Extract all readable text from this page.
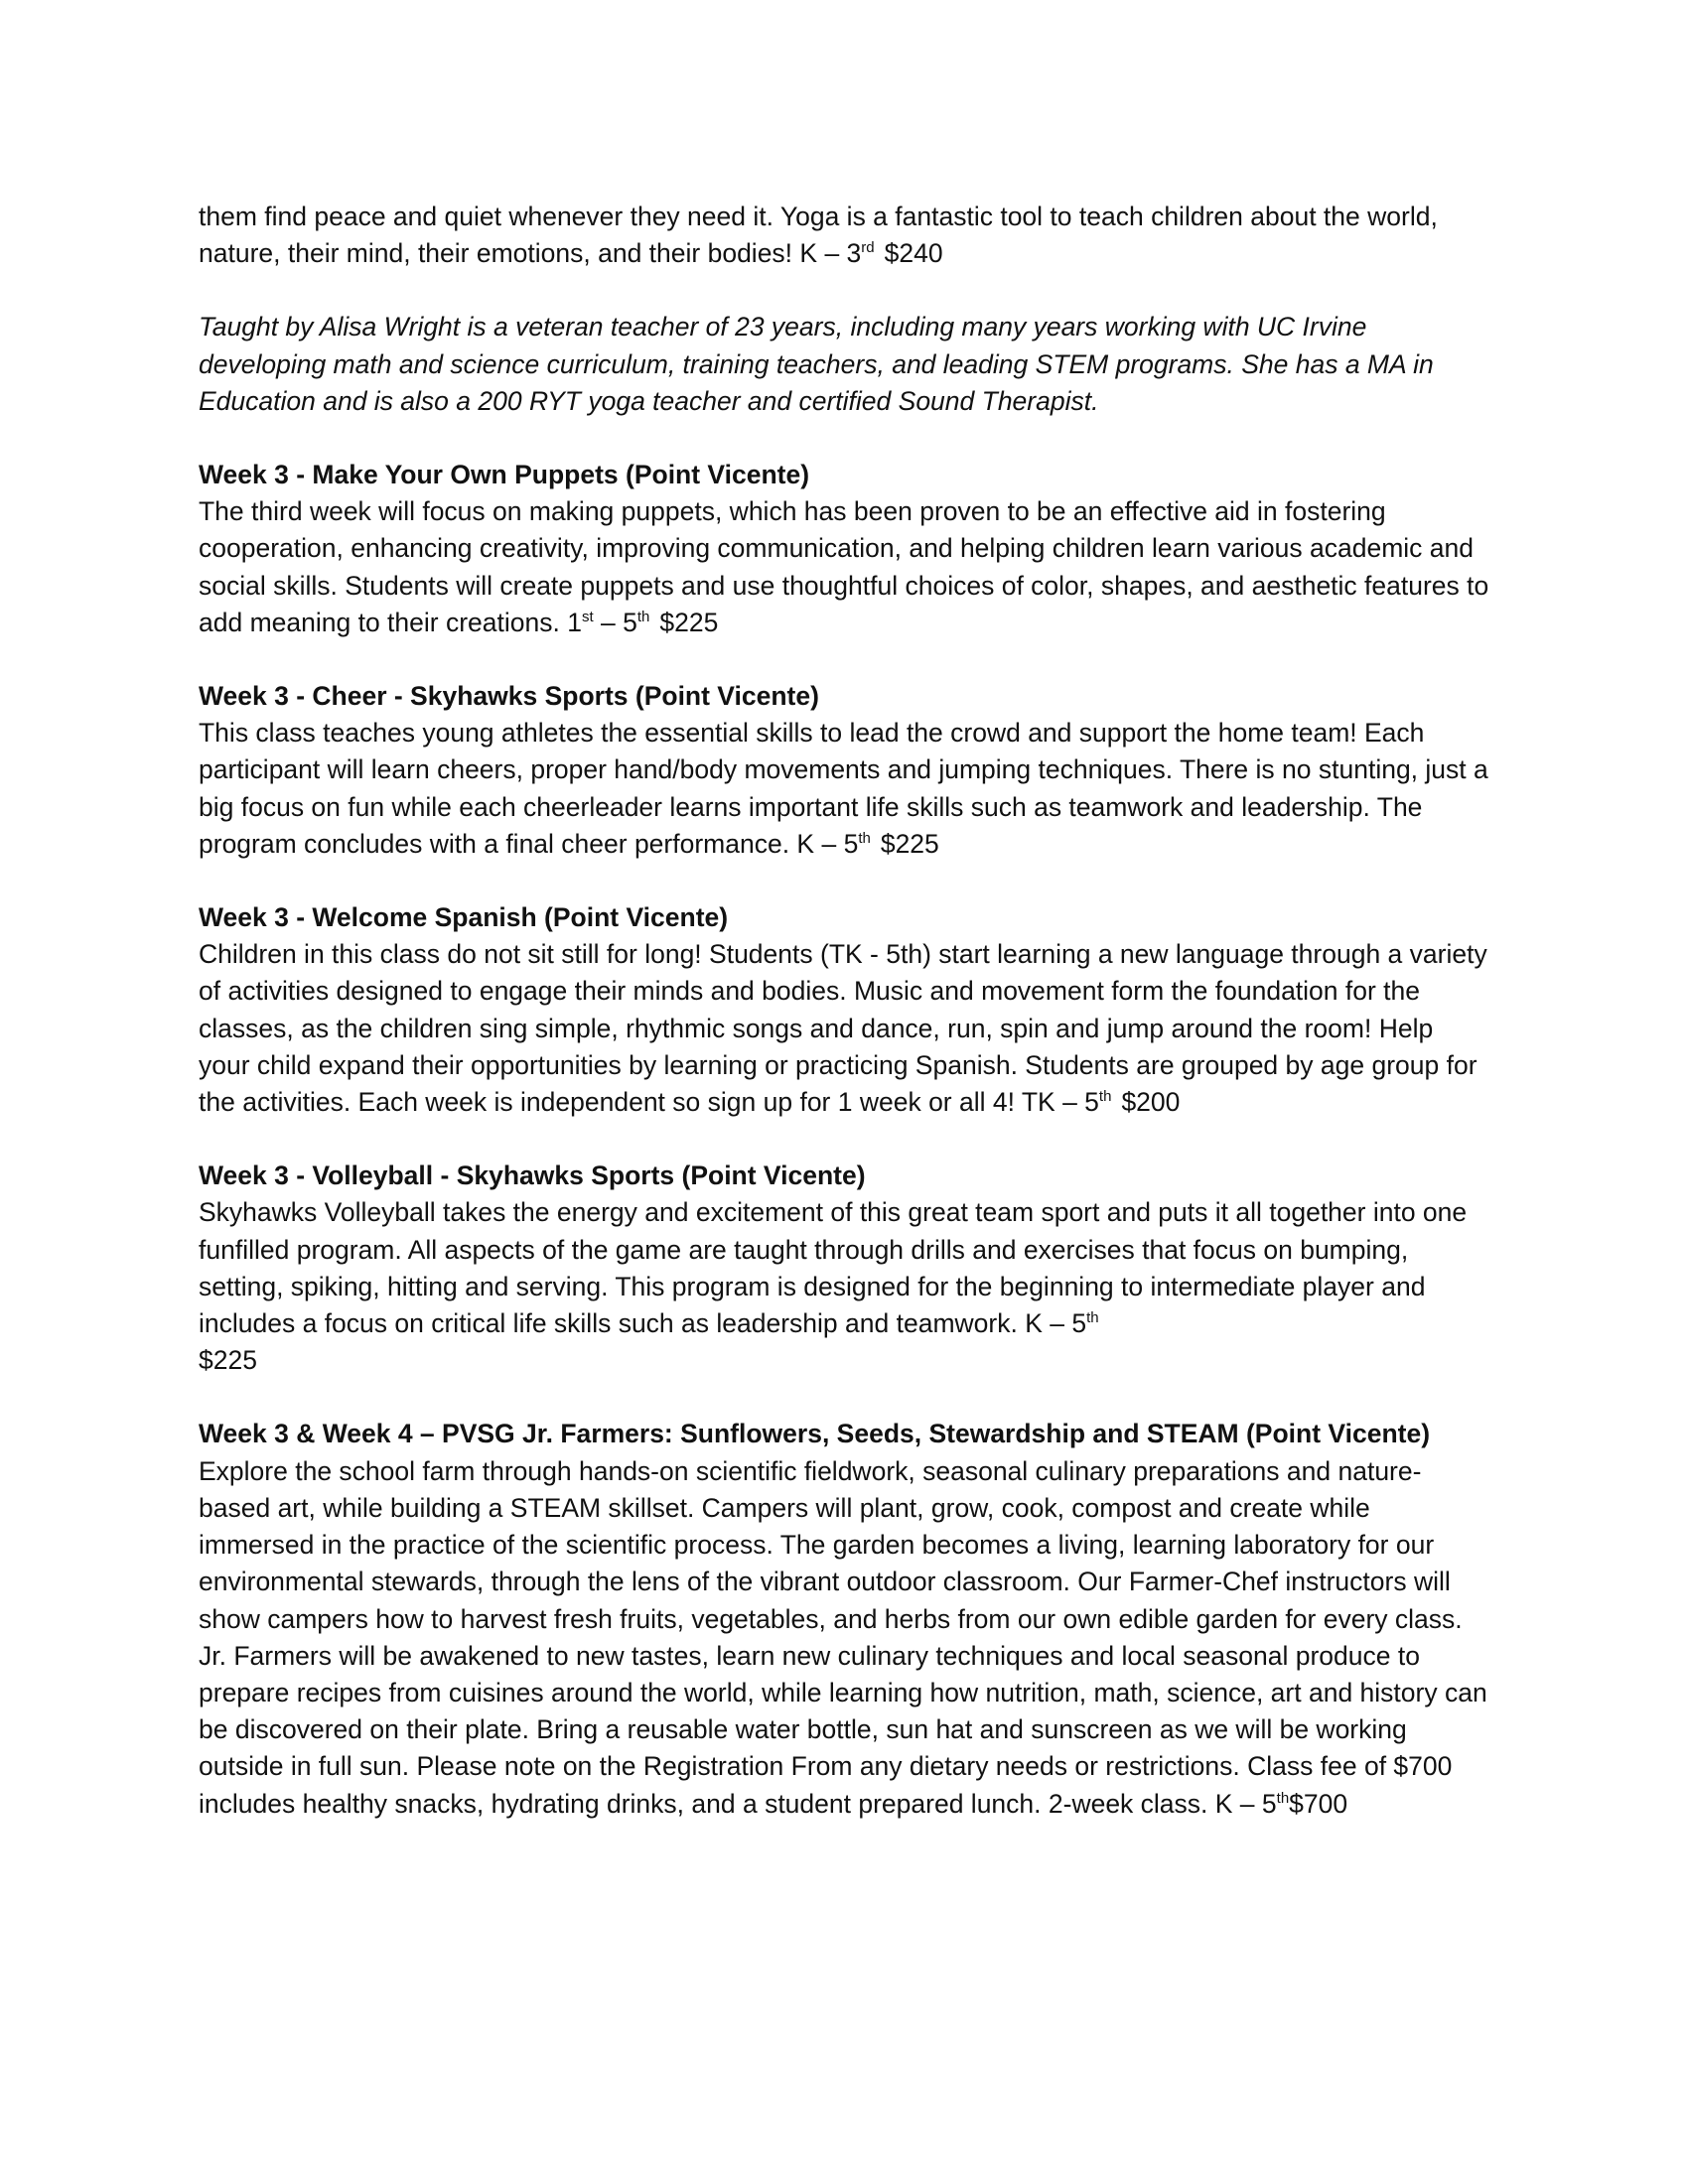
them find peace and quiet whenever they need it. Yoga is a fantastic tool to teach children about the world, nature, their mind, their emotions, and their bodies! K – 3rd $240

Taught by Alisa Wright is a veteran teacher of 23 years, including many years working with UC Irvine developing math and science curriculum, training teachers, and leading STEM programs. She has a MA in Education and is also a 200 RYT yoga teacher and certified Sound Therapist.

Week 3 - Make Your Own Puppets (Point Vicente)
The third week will focus on making puppets, which has been proven to be an effective aid in fostering cooperation, enhancing creativity, improving communication, and helping children learn various academic and social skills. Students will create puppets and use thoughtful choices of color, shapes, and aesthetic features to add meaning to their creations. 1st – 5th $225

Week 3 - Cheer - Skyhawks Sports (Point Vicente)
This class teaches young athletes the essential skills to lead the crowd and support the home team! Each participant will learn cheers, proper hand/body movements and jumping techniques. There is no stunting, just a big focus on fun while each cheerleader learns important life skills such as teamwork and leadership. The program concludes with a final cheer performance. K – 5th $225

Week 3 - Welcome Spanish (Point Vicente)
Children in this class do not sit still for long! Students (TK - 5th) start learning a new language through a variety of activities designed to engage their minds and bodies. Music and movement form the foundation for the classes, as the children sing simple, rhythmic songs and dance, run, spin and jump around the room! Help your child expand their opportunities by learning or practicing Spanish. Students are grouped by age group for the activities. Each week is independent so sign up for 1 week or all 4! TK – 5th $200

Week 3 - Volleyball - Skyhawks Sports (Point Vicente)
Skyhawks Volleyball takes the energy and excitement of this great team sport and puts it all together into one funfilled program. All aspects of the game are taught through drills and exercises that focus on bumping, setting, spiking, hitting and serving. This program is designed for the beginning to intermediate player and includes a focus on critical life skills such as leadership and teamwork. K – 5th
$225

Week 3 & Week 4 – PVSG Jr. Farmers: Sunflowers, Seeds, Stewardship and STEAM (Point Vicente)
Explore the school farm through hands-on scientific fieldwork, seasonal culinary preparations and nature-based art, while building a STEAM skillset. Campers will plant, grow, cook, compost and create while immersed in the practice of the scientific process. The garden becomes a living, learning laboratory for our environmental stewards, through the lens of the vibrant outdoor classroom. Our Farmer-Chef instructors will show campers how to harvest fresh fruits, vegetables, and herbs from our own edible garden for every class. Jr. Farmers will be awakened to new tastes, learn new culinary techniques and local seasonal produce to prepare recipes from cuisines around the world, while learning how nutrition, math, science, art and history can be discovered on their plate. Bring a reusable water bottle, sun hat and sunscreen as we will be working outside in full sun. Please note on the Registration From any dietary needs or restrictions. Class fee of $700 includes healthy snacks, hydrating drinks, and a student prepared lunch. 2-week class. K – 5th$700
